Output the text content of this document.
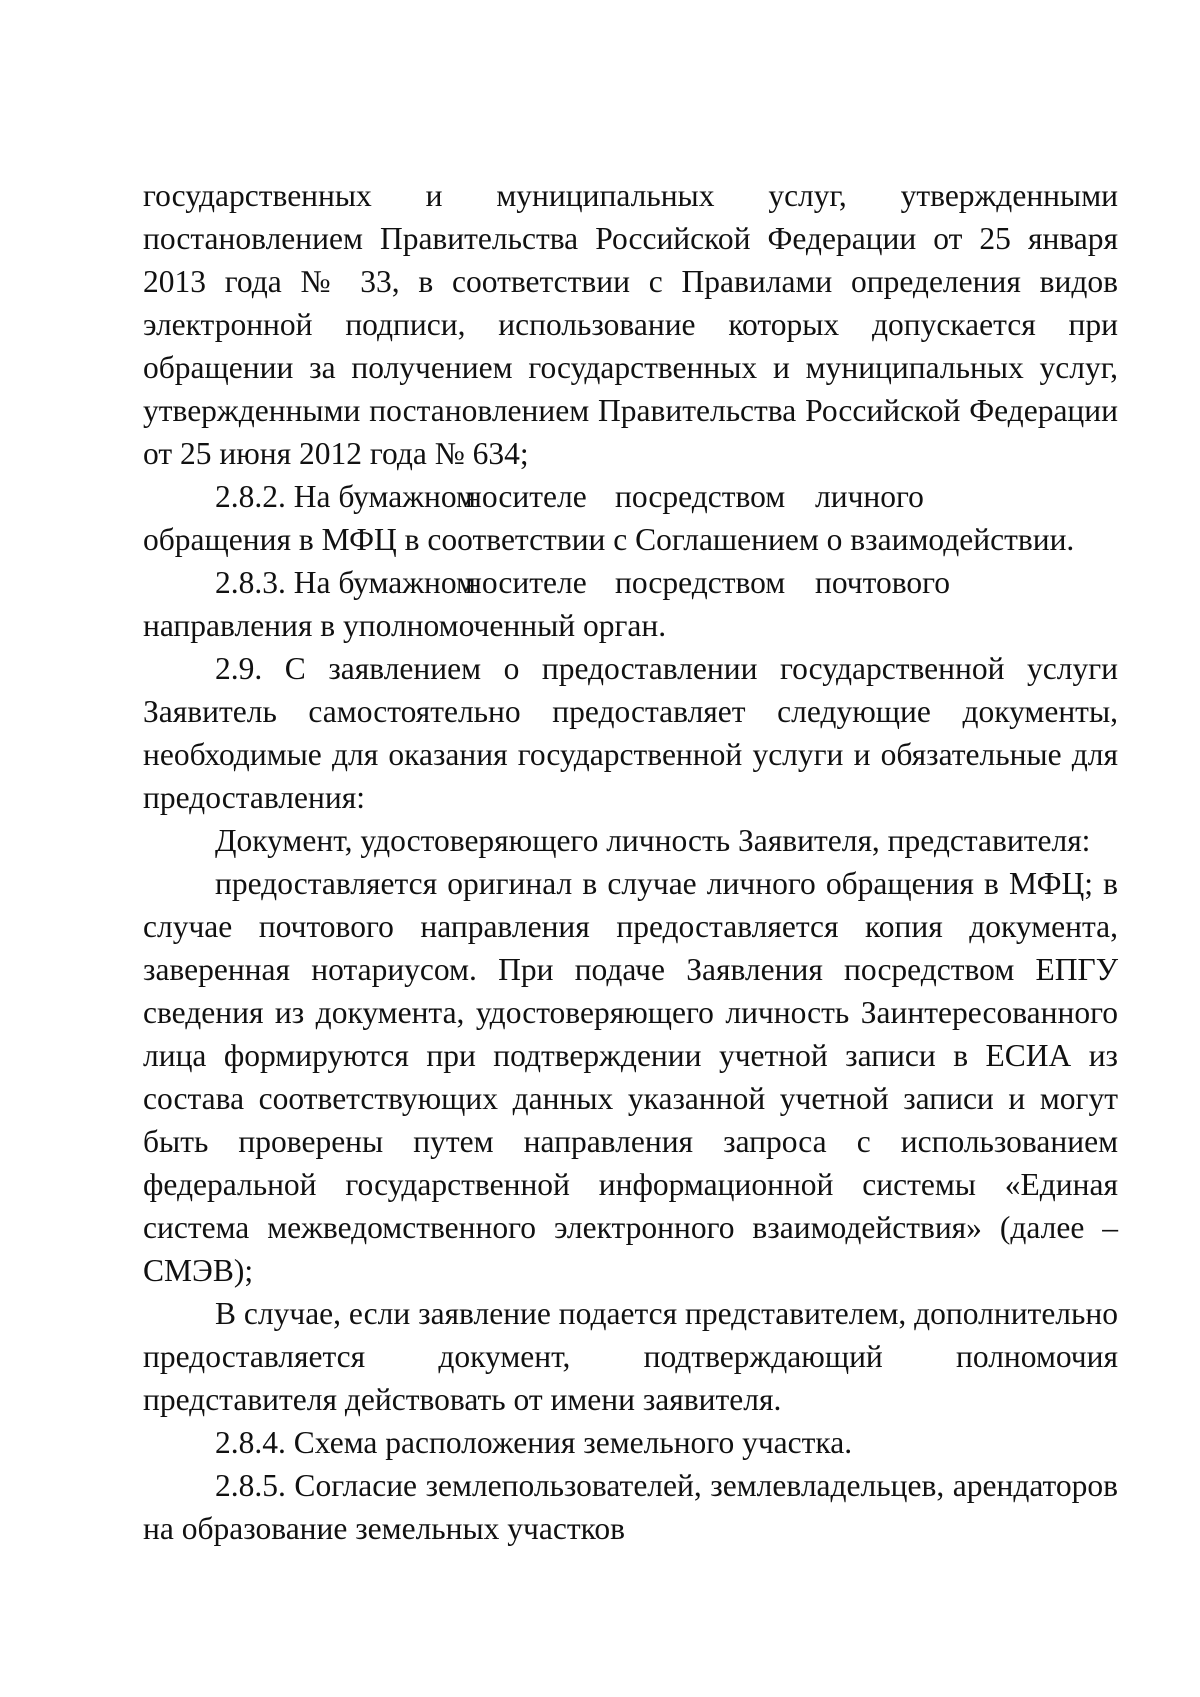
государственных и муниципальных услуг, утвержденными постановлением Правительства Российской Федерации от 25 января 2013 года № 33, в соответствии с Правилами определения видов электронной подписи, использование которых допускается при обращении за получением государственных и муниципальных услуг, утвержденными постановлением Правительства Российской Федерации от 25 июня 2012 года № 634;

2.8.2. На бумажном
носителе посредством личного

обращения в МФЦ в соответствии с Соглашением о взаимодействии.

2.8.3. На бумажном
носителе посредством почтового

направления в уполномоченный орган.

2.9. С заявлением о предоставлении государственной услуги Заявитель самостоятельно предоставляет следующие документы, необходимые для оказания государственной услуги и обязательные для предоставления:

Документ, удостоверяющего личность Заявителя, представителя:

предоставляется оригинал в случае личного обращения в МФЦ; в случае почтового направления предоставляется копия документа, заверенная нотариусом. При подаче Заявления посредством ЕПГУ сведения из документа, удостоверяющего личность Заинтересованного лица формируются при подтверждении учетной записи в ЕСИА из состава соответствующих данных указанной учетной записи и могут быть проверены путем направления запроса с использованием федеральной государственной информационной системы «Единая система межведомственного электронного взаимодействия» (далее – СМЭВ);

В случае, если заявление подается представителем, дополнительно предоставляется документ, подтверждающий полномочия представителя действовать от имени заявителя.

2.8.4. Схема расположения земельного участка.

2.8.5. Согласие землепользователей, землевладельцев, арендаторов на образование земельных участков
